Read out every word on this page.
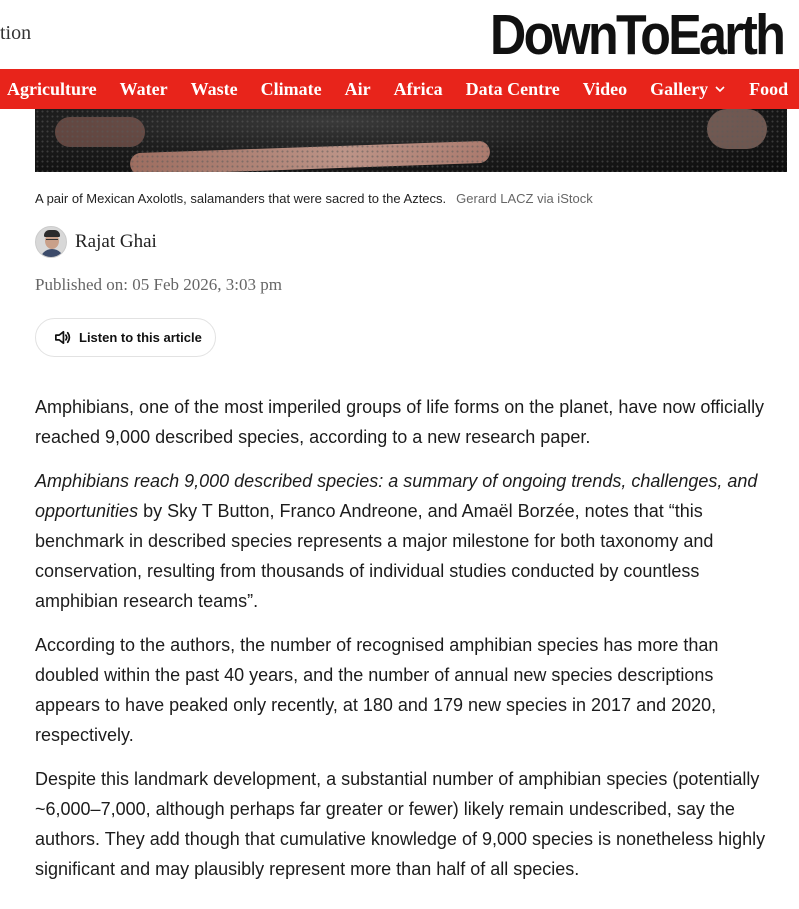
tion	DownToEarth
Agriculture Water Waste Climate Air Africa Data Centre Video Gallery Food
A pair of Mexican Axolotls, salamanders that were sacred to the Aztecs. Gerard LACZ via iStock
Rajat Ghai
Published on: 05 Feb 2026, 3:03 pm
Listen to this article

Amphibians, one of the most imperiled groups of life forms on the planet, have now officially reached 9,000 described species, according to a new research paper.

Amphibians reach 9,000 described species: a summary of ongoing trends, challenges, and opportunities by Sky T Button, Franco Andreone, and Amaël Borzée, notes that “this benchmark in described species represents a major milestone for both taxonomy and conservation, resulting from thousands of individual studies conducted by countless amphibian research teams”.

According to the authors, the number of recognised amphibian species has more than doubled within the past 40 years, and the number of annual new species descriptions appears to have peaked only recently, at 180 and 179 new species in 2017 and 2020, respectively.

Despite this landmark development, a substantial number of amphibian species (potentially ~6,000–7,000, although perhaps far greater or fewer) likely remain undescribed, say the authors. They add though that cumulative knowledge of 9,000 species is nonetheless highly significant and may plausibly represent more than half of all species.
